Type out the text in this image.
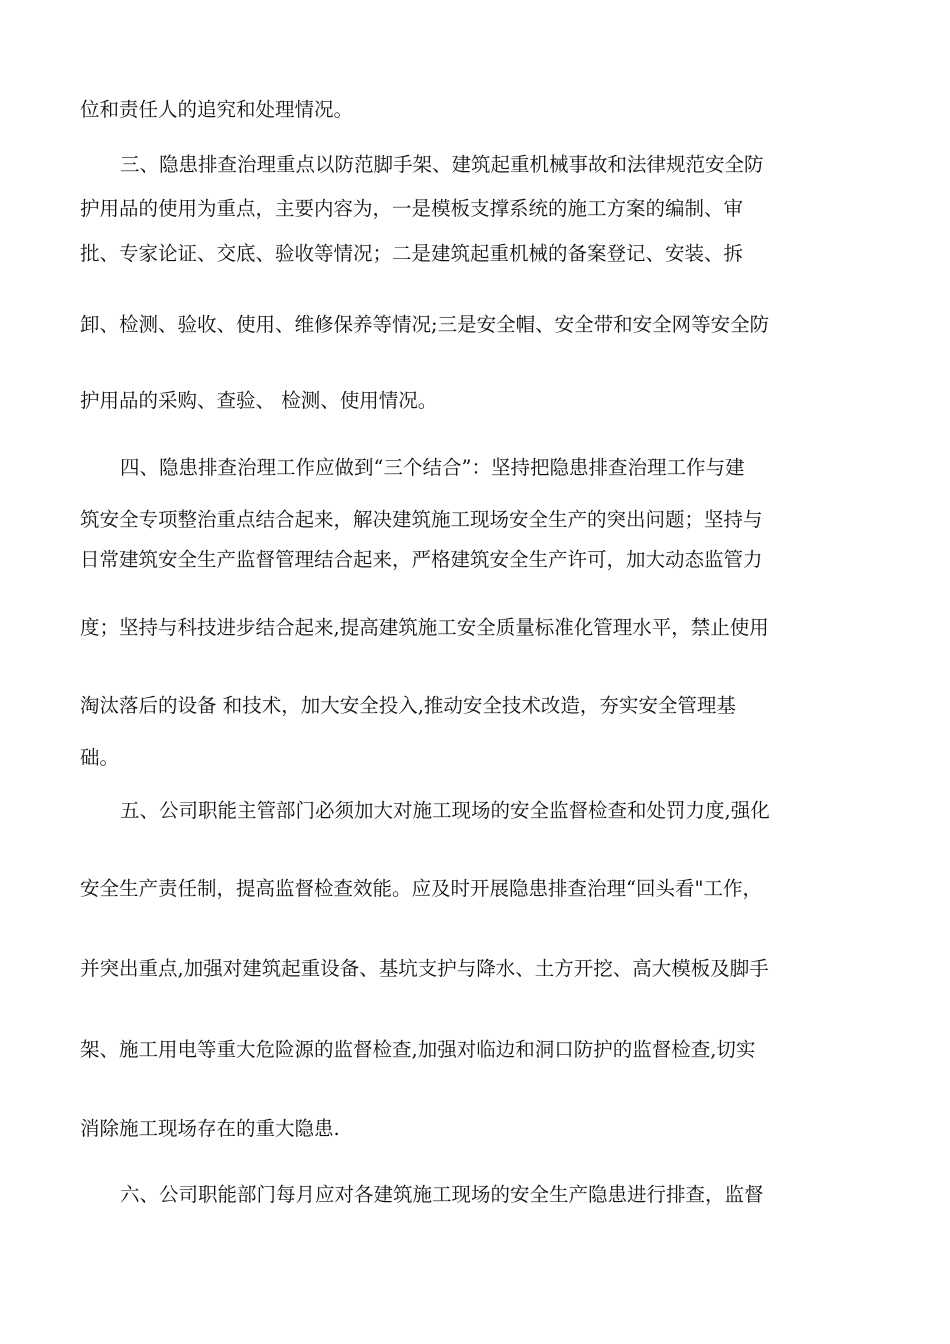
位和责任人的追究和处理情况。
三、隐患排查治理重点以防范脚手架、建筑起重机械事故和法律规范安全防
护用品的使用为重点，主要内容为，一是模板支撑系统的施工方案的编制、审
批、专家论证、交底、验收等情况；二是建筑起重机械的备案登记、安装、拆
卸、检测、验收、使用、维修保养等情况;三是安全帽、安全带和安全网等安全防
护用品的采购、查验、 检测、使用情况。
四、隐患排查治理工作应做到“三个结合”：坚持把隐患排查治理工作与建
筑安全专项整治重点结合起来，解决建筑施工现场安全生产的突出问题；坚持与
日常建筑安全生产监督管理结合起来，严格建筑安全生产许可，加大动态监管力
度；坚持与科技进步结合起来,提高建筑施工安全质量标准化管理水平，禁止使用
淘汰落后的设备 和技术，加大安全投入,推动安全技术改造，夯实安全管理基
础。
五、公司职能主管部门必须加大对施工现场的安全监督检查和处罚力度,强化
安全生产责任制，提高监督检查效能。应及时开展隐患排查治理“回头看"工作，
并突出重点,加强对建筑起重设备、基坑支护与降水、土方开挖、高大模板及脚手
架、施工用电等重大危险源的监督检查,加强对临边和洞口防护的监督检查,切实
消除施工现场存在的重大隐患.
六、公司职能部门每月应对各建筑施工现场的安全生产隐患进行排查，监督
